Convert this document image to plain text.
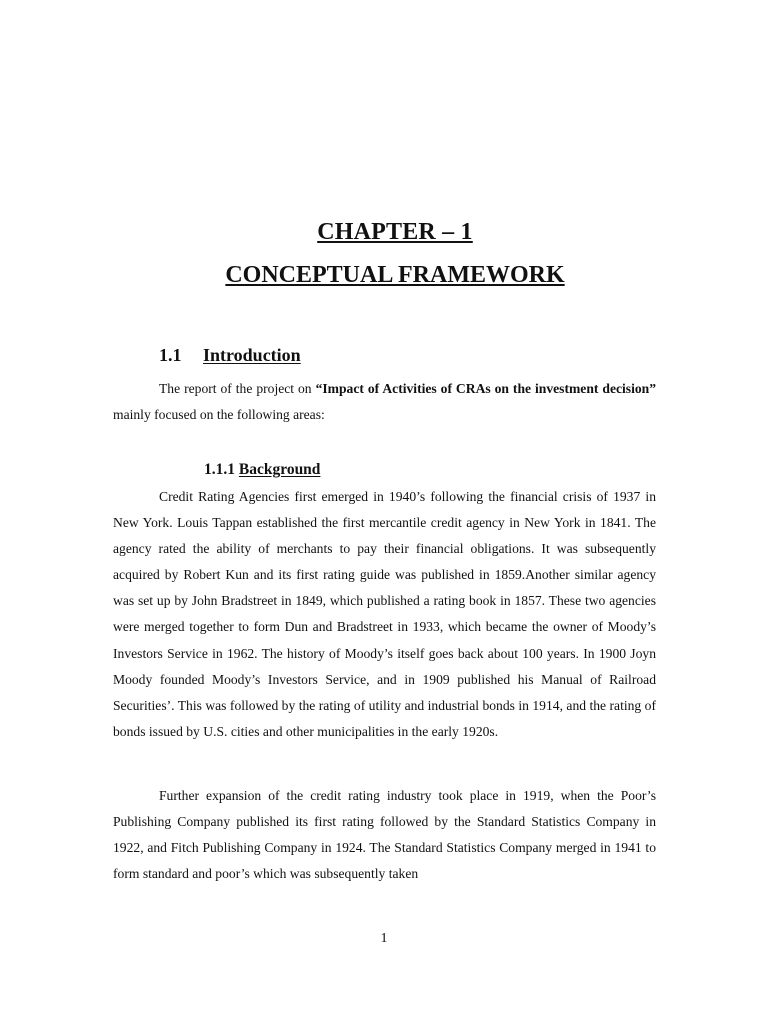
CHAPTER – 1
CONCEPTUAL FRAMEWORK
1.1 Introduction
The report of the project on “Impact of Activities of CRAs on the investment decision” mainly focused on the following areas:
1.1.1 Background
Credit Rating Agencies first emerged in 1940’s following the financial crisis of 1937 in New York. Louis Tappan established the first mercantile credit agency in New York in 1841. The agency rated the ability of merchants to pay their financial obligations. It was subsequently acquired by Robert Kun and its first rating guide was published in 1859.Another similar agency was set up by John Bradstreet in 1849, which published a rating book in 1857. These two agencies were merged together to form Dun and Bradstreet in 1933, which became the owner of Moody’s Investors Service in 1962. The history of Moody’s itself goes back about 100 years. In 1900 Joyn Moody founded Moody’s Investors Service, and in 1909 published his Manual of Railroad Securities’. This was followed by the rating of utility and industrial bonds in 1914, and the rating of bonds issued by U.S. cities and other municipalities in the early 1920s.
Further expansion of the credit rating industry took place in 1919, when the Poor’s Publishing Company published its first rating followed by the Standard Statistics Company in 1922, and Fitch Publishing Company in 1924. The Standard Statistics Company merged in 1941 to form standard and poor’s which was subsequently taken
1
